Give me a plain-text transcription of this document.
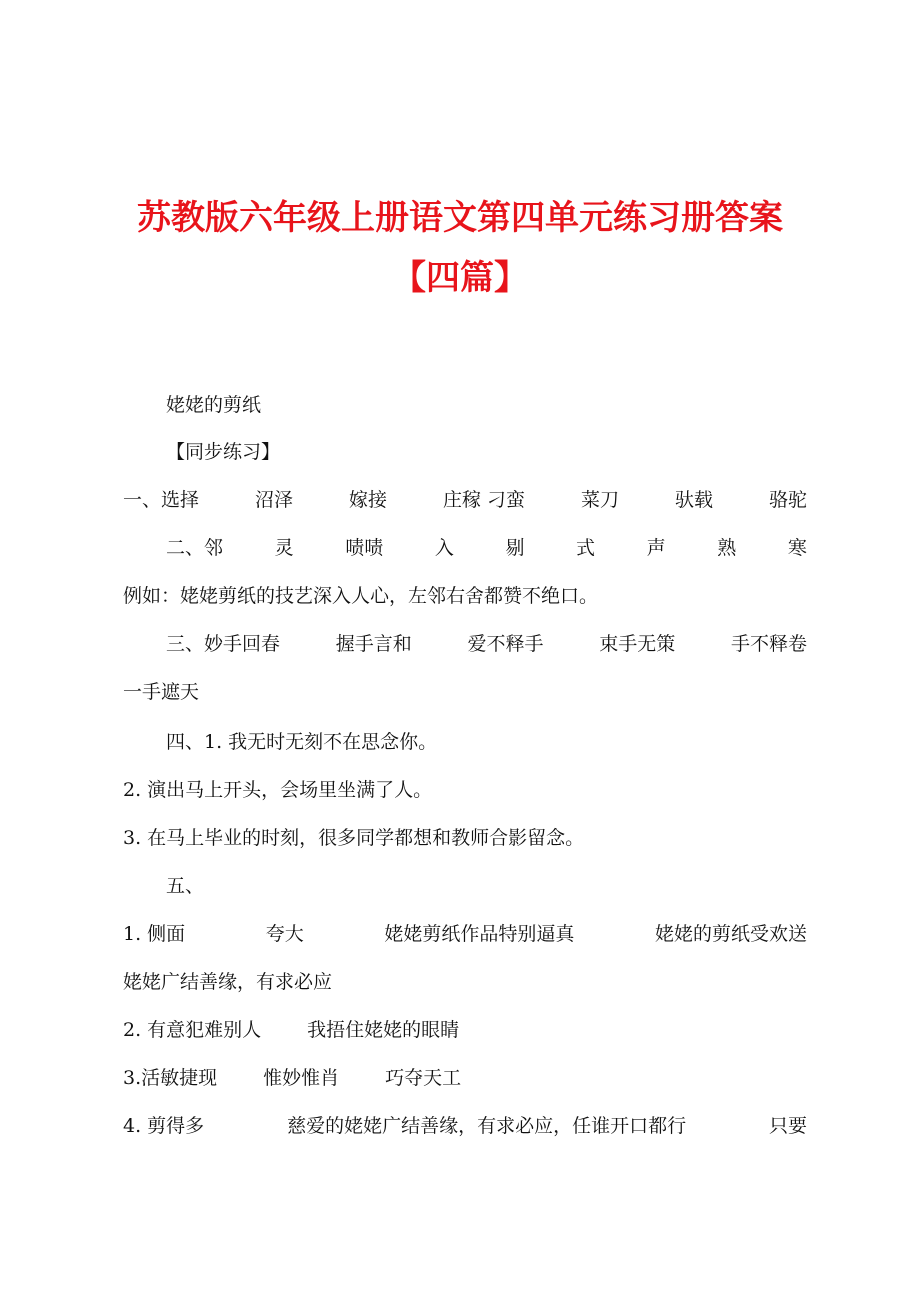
苏教版六年级上册语文第四单元练习册答案
【四篇】
姥姥的剪纸
【同步练习】
一、选择	沼泽	嫁接	庄稼 刁蛮	菜刀	驮载	骆驼
二、邻	灵	啧啧	入	剔	式	声	熟	寒
例如：姥姥剪纸的技艺深入人心，左邻右舍都赞不绝口。
三、妙手回春	握手言和	爱不释手	束手无策	手不释卷
一手遮天
四、1. 我无时无刻不在思念你。
2. 演出马上开头，会场里坐满了人。
3. 在马上毕业的时刻，很多同学都想和教师合影留念。
五、
1. 侧面	夸大	姥姥剪纸作品特别逼真	姥姥的剪纸受欢送
姥姥广结善缘，有求必应
2. 有意犯难别人 我捂住姥姥的眼睛
3.活敏捷现 惟妙惟肖 巧夺天工
4. 剪得多	慈爱的姥姥广结善缘，有求必应，任谁开口都行	只要
